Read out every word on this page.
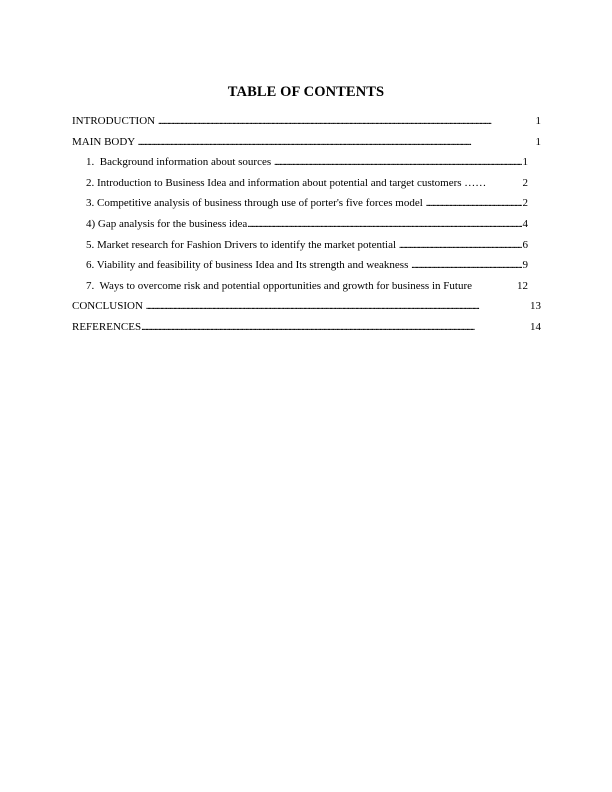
TABLE OF CONTENTS
INTRODUCTION . . .	1
MAIN BODY . . .	1
1.  Background information about sources . . .	1
2. Introduction to Business Idea and information about potential and target customers ……	2
3. Competitive analysis of business through use of porter's five forces model . . .	2
4) Gap analysis for the business idea . . .	4
5. Market research for Fashion Drivers to identify the market potential . . .	6
6. Viability and feasibility of business Idea and Its strength and weakness . . .	9
7.  Ways to overcome risk and potential opportunities and growth for business in Future	12
CONCLUSION . . .	13
REFERENCES . . .	14
